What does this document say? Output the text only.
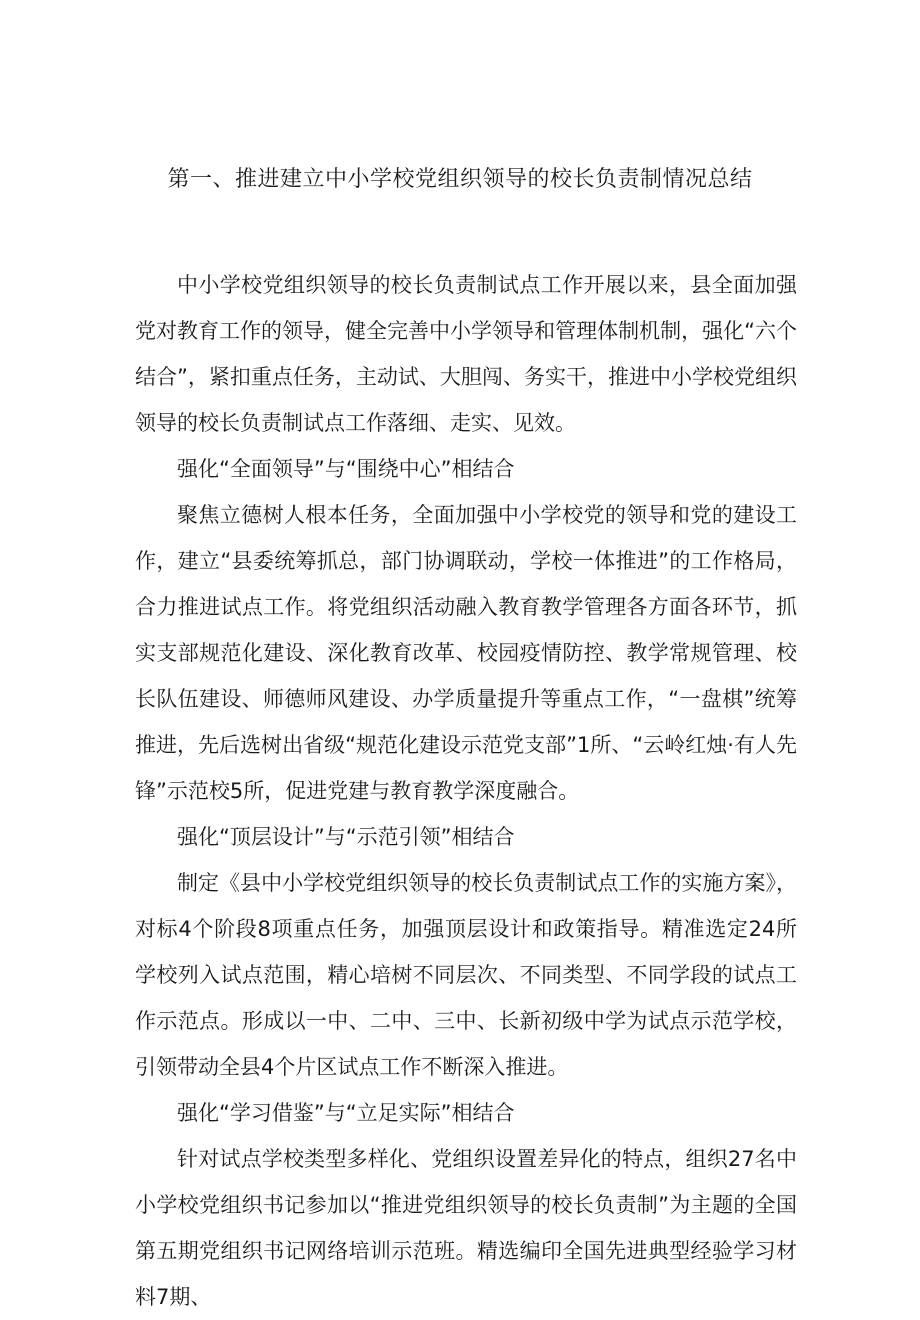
第一、推进建立中小学校党组织领导的校长负责制情况总结

中小学校党组织领导的校长负责制试点工作开展以来，县全面加强党对教育工作的领导，健全完善中小学领导和管理体制机制，强化“六个结合”，紧扣重点任务，主动试、大胆闯、务实干，推进中小学校党组织领导的校长负责制试点工作落细、走实、见效。

强化“全面领导”与“围绕中心”相结合

聚焦立德树人根本任务，全面加强中小学校党的领导和党的建设工作，建立“县委统筹抓总，部门协调联动，学校一体推进”的工作格局，合力推进试点工作。将党组织活动融入教育教学管理各方面各环节，抓实支部规范化建设、深化教育改革、校园疫情防控、教学常规管理、校长队伍建设、师德师风建设、办学质量提升等重点工作，“一盘棋”统筹推进，先后选树出省级“规范化建设示范党支部”1所、“云岭红烛·有人先锋”示范校5所，促进党建与教育教学深度融合。

强化“顶层设计”与“示范引领”相结合

制定《县中小学校党组织领导的校长负责制试点工作的实施方案》，对标4个阶段8项重点任务，加强顶层设计和政策指导。精准选定24所学校列入试点范围，精心培树不同层次、不同类型、不同学段的试点工作示范点。形成以一中、二中、三中、长新初级中学为试点示范学校，引领带动全县4个片区试点工作不断深入推进。

强化“学习借鉴”与“立足实际”相结合

针对试点学校类型多样化、党组织设置差异化的特点，组织27名中小学校党组织书记参加以“推进党组织领导的校长负责制”为主题的全国第五期党组织书记网络培训示范班。精选编印全国先进典型经验学习材料7期、
